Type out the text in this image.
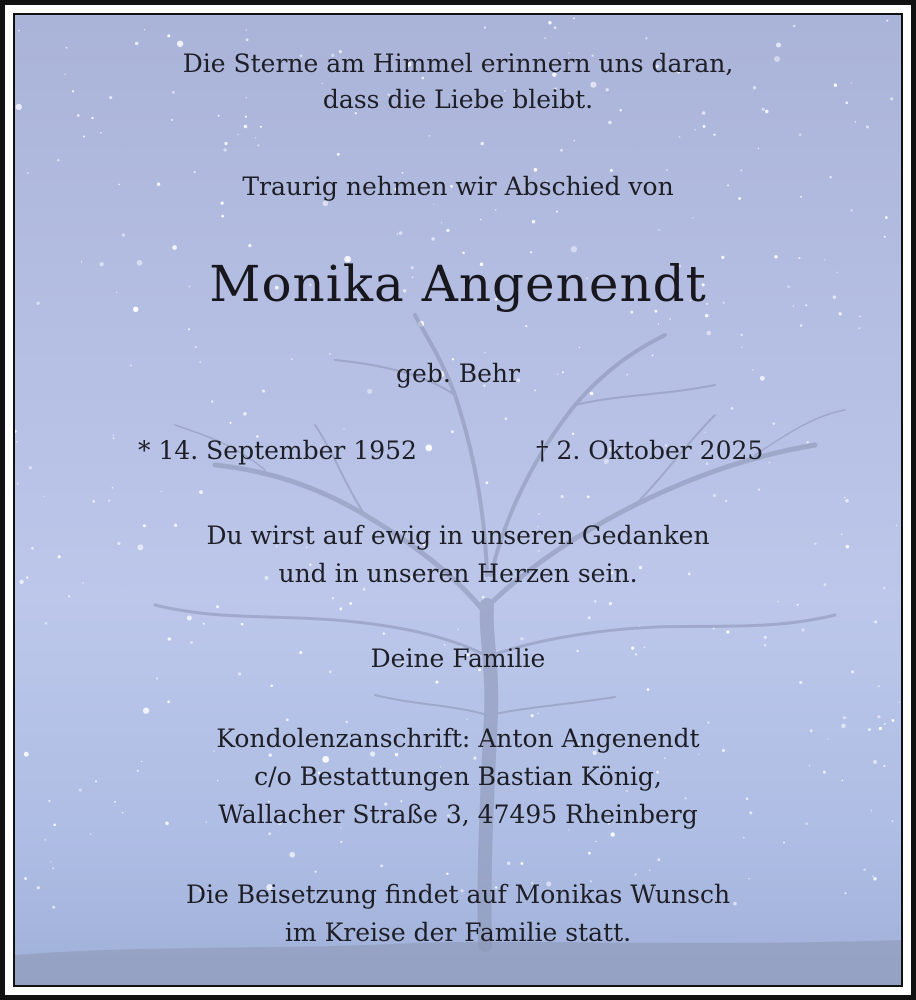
Die Sterne am Himmel erinnern uns daran,
dass die Liebe bleibt.
Traurig nehmen wir Abschied von
Monika Angenendt
geb. Behr
* 14. September 1952	† 2. Oktober 2025
Du wirst auf ewig in unseren Gedanken
und in unseren Herzen sein.
Deine Familie
Kondolenzanschrift: Anton Angenendt
c/o Bestattungen Bastian König,
Wallacher Straße 3, 47495 Rheinberg
Die Beisetzung findet auf Monikas Wunsch
im Kreise der Familie statt.
